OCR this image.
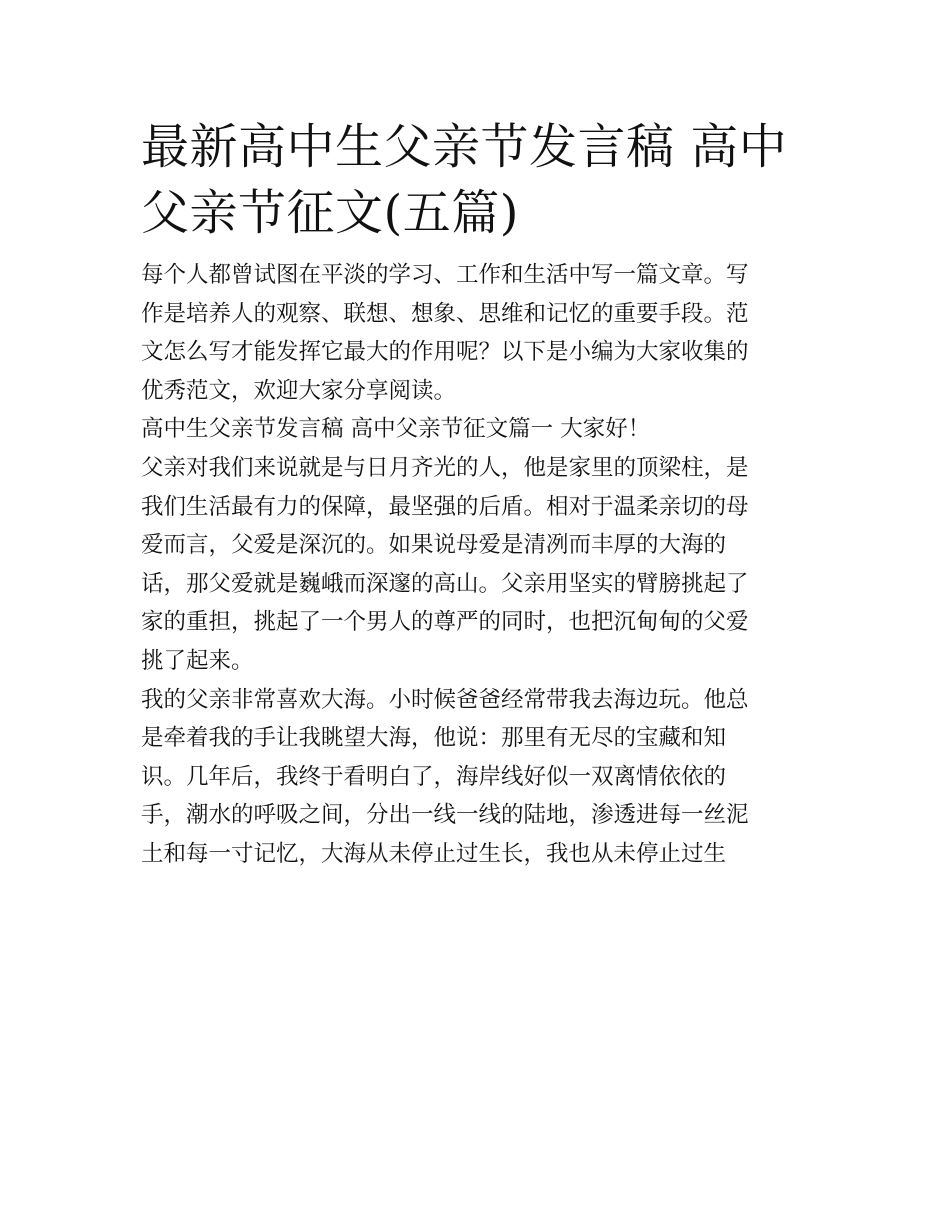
最新高中生父亲节发言稿 高中
父亲节征文(五篇)
每个人都曾试图在平淡的学习、工作和生活中写一篇文章。写
作是培养人的观察、联想、想象、思维和记忆的重要手段。范
文怎么写才能发挥它最大的作用呢？以下是小编为大家收集的
优秀范文，欢迎大家分享阅读。
高中生父亲节发言稿 高中父亲节征文篇一 大家好！
父亲对我们来说就是与日月齐光的人，他是家里的顶梁柱，是
我们生活最有力的保障，最坚强的后盾。相对于温柔亲切的母
爱而言，父爱是深沉的。如果说母爱是清冽而丰厚的大海的
话，那父爱就是巍峨而深邃的高山。父亲用坚实的臂膀挑起了
家的重担，挑起了一个男人的尊严的同时，也把沉甸甸的父爱
挑了起来。
我的父亲非常喜欢大海。小时候爸爸经常带我去海边玩。他总
是牵着我的手让我眺望大海，他说：那里有无尽的宝藏和知
识。几年后，我终于看明白了，海岸线好似一双离情依依的
手，潮水的呼吸之间，分出一线一线的陆地，渗透进每一丝泥
土和每一寸记忆，大海从未停止过生长，我也从未停止过生
